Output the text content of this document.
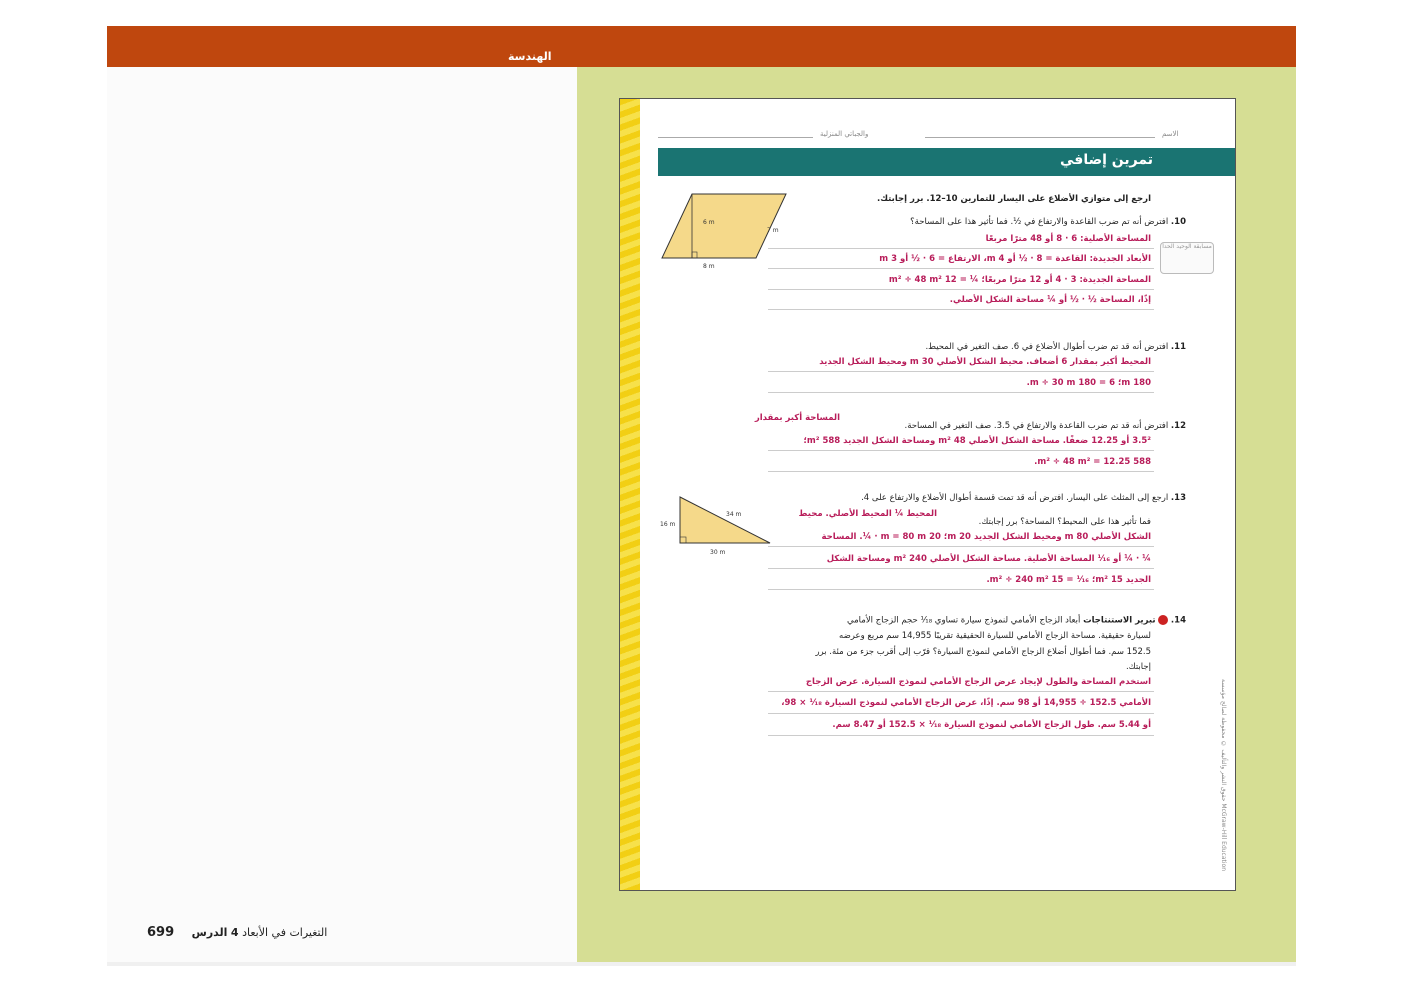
الهندسة
699	التغيرات في الأبعاد 4 الدرس
الاسم
والجباتي المنزلية
تمرين إضافي
ارجع إلى متوازي الأضلاع على اليسار للتمارين 10–12. برر إجابتك.
6 m
7 m
8 m
مسابقة الوحيد الحدا
10. افترض أنه تم ضرب القاعدة والارتفاع في ½. فما تأثير هذا على المساحة؟
المساحة الأصلية: 6 · 8 أو 48 مترًا مربعًا
الأبعاد الجديدة: القاعدة = 8 · ½ أو 4 m، الارتفاع = 6 · ½ أو 3 m
المساحة الجديدة: 3 · 4 أو 12 مترًا مربعًا؛ ¼ = 12 m² ÷ 48 m²
إذًا، المساحة ½ · ½ أو ¼ مساحة الشكل الأصلي.
11. افترض أنه قد تم ضرب أطوال الأضلاع في 6. صف التغير في المحيط.
المحيط أكبر بمقدار 6 أضعاف. محيط الشكل الأصلي 30 m ومحيط الشكل الجديد
180 m؛ 6 = 180 m ÷ 30 m.
12. افترض أنه قد تم ضرب القاعدة والارتفاع في 3.5. صف التغير في المساحة.
المساحة أكبر بمقدار
3.5² أو 12.25 ضعفًا. مساحة الشكل الأصلي 48 m² ومساحة الشكل الجديد 588 m²؛
588 m² ÷ 48 m² = 12.25.
16 m
34 m
30 m
13. ارجع إلى المثلث على اليسار. افترض أنه قد تمت قسمة أطوال الأضلاع والارتفاع على 4.
فما تأثير هذا على المحيط؟ المساحة؟ برر إجابتك.
المحيط ¼ المحيط الأصلي. محيط
الشكل الأصلي 80 m ومحيط الشكل الجديد 20 m؛ 20 m = 80 m · ¼. المساحة
¼ · ¼ أو ¹⁄₁₆ المساحة الأصلية. مساحة الشكل الأصلي 240 m² ومساحة الشكل
الجديد 15 m²؛ ¹⁄₁₆ = 15 m² ÷ 240 m².
14.  تبرير الاستنتاجات أبعاد الزجاج الأمامي لنموذج سيارة تساوي ¹⁄₁₈ حجم الزجاج الأمامي
لسيارة حقيقية. مساحة الزجاج الأمامي للسيارة الحقيقية تقريبًا 14,955 سم مربع وعرضه
152.5 سم. فما أطوال أضلاع الزجاج الأمامي لنموذج السيارة؟ قرّب إلى أقرب جزء من مئة. برر
إجابتك.
استخدم المساحة والطول لإيجاد عرض الزجاج الأمامي لنموذج السيارة. عرض الزجاج
الأمامي 152.5 ÷ 14,955 أو 98 سم. إذًا، عرض الزجاج الأمامي لنموذج السيارة ¹⁄₁₈ × 98،
أو 5.44 سم. طول الزجاج الأمامي لنموذج السيارة ¹⁄₁₈ × 152.5 أو 8.47 سم.	حقوق النشر والتأليف © محفوظة لصالح مؤسسة McGraw-Hill Education
